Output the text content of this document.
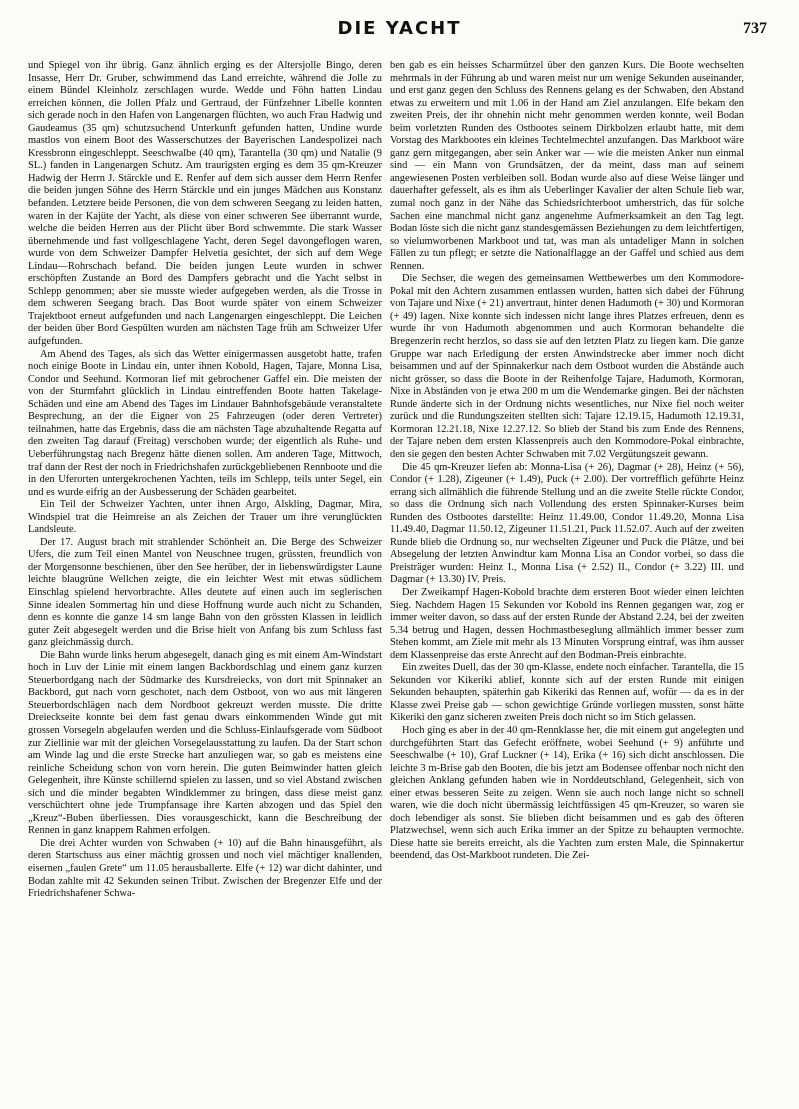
DIE YACHT	737

und Spiegel von ihr übrig. Ganz ähnlich erging es der Altersjolle Bingo, deren Insasse, Herr Dr. Gruber, schwimmend das Land erreichte, während die Jolle zu einem Bündel Kleinholz zerschlagen wurde. Wedde und Föhn hatten Lindau erreichen können, die Jollen Pfalz und Gertraud, der Fünfzehner Libelle konnten sich gerade noch in den Hafen von Langenargen flüchten, wo auch Frau Hadwig und Gaudeamus (35 qm) schutzsuchend Unterkunft gefunden hatten, Undine wurde mastlos von einem Boot des Wasserschutzes der Bayerischen Landespolizei nach Kressbronn eingeschleppt. Seeschwalbe (40 qm), Tarantella (30 qm) und Natalie (9 SL.) fanden in Langenargen Schutz. Am traurigsten erging es dem 35 qm-Kreuzer Hadwig der Herrn J. Stärckle und E. Renfer auf dem sich ausser dem Herrn Renfer die beiden jungen Söhne des Herrn Stärckle und ein junges Mädchen aus Konstanz befanden. Letztere beide Personen, die von dem schweren Seegang zu leiden hatten, waren in der Kajüte der Yacht, als diese von einer schweren See überrannt wurde, welche die beiden Herren aus der Plicht über Bord schwemmte. Die stark Wasser übernehmende und fast vollgeschlagene Yacht, deren Segel davongeflogen waren, wurde von dem Schweizer Dampfer Helvetia gesichtet, der sich auf dem Wege Lindau—Rohrschach befand. Die beiden jungen Leute wurden in schwer erschöpften Zustande an Bord des Dampfers gebracht und die Yacht selbst in Schlepp genommen; aber sie musste wieder aufgegeben werden, als die Trosse in dem schweren Seegang brach. Das Boot wurde später von einem Schweizer Trajektboot erneut aufgefunden und nach Langenargen eingeschleppt. Die Leichen der beiden über Bord Gespülten wurden am nächsten Tage früh am Schweizer Ufer aufgefunden.

Am Abend des Tages, als sich das Wetter einigermassen ausgetobt hatte, trafen noch einige Boote in Lindau ein, unter ihnen Kobold, Hagen, Tajare, Monna Lisa, Condor und Seehund. Kormoran lief mit gebrochener Gaffel ein. Die meisten der von der Sturmfahrt glücklich in Lindau eintreffenden Boote hatten Takelage-Schäden und eine am Abend des Tages im Lindauer Bahnhofsgebäude veranstaltete Besprechung, an der die Eigner von 25 Fahrzeugen (oder deren Vertreter) teilnahmen, hatte das Ergebnis, dass die am nächsten Tage abzuhaltende Regatta auf den zweiten Tag darauf (Freitag) verschoben wurde; der eigentlich als Ruhe- und Ueberführungstag nach Bregenz hätte dienen sollen. Am anderen Tage, Mittwoch, traf dann der Rest der noch in Friedrichshafen zurückgebliebenen Rennboote und die in den Uferorten untergekrochenen Yachten, teils im Schlepp, teils unter Segel, ein und es wurde eifrig an der Ausbesserung der Schäden gearbeitet.

Ein Teil der Schweizer Yachten, unter ihnen Argo, Alskling, Dagmar, Mira, Windspiel trat die Heimreise an als Zeichen der Trauer um ihre verunglückten Landsleute.

Der 17. August brach mit strahlender Schönheit an. Die Berge des Schweizer Ufers, die zum Teil einen Mantel von Neuschnee trugen, grüssten, freundlich von der Morgensonne beschienen, über den See herüber, der in liebenswürdigster Laune leichte blaugrüne Wellchen zeigte, die ein leichter West mit etwas südlichem Einschlag spielend hervorbrachte. Alles deutete auf einen auch im seglerischen Sinne idealen Sommertag hin und diese Hoffnung wurde auch nicht zu Schanden, denn es konnte die ganze 14 sm lange Bahn von den grössten Klassen in leidlich guter Zeit abgesegelt werden und die Brise hielt von Anfang bis zum Schluss fast ganz gleichmässig durch.

Die Bahn wurde links herum abgesegelt, danach ging es mit einem Am-Windstart hoch in Luv der Linie mit einem langen Backbordschlag und einem ganz kurzen Steuerbordgang nach der Südmarke des Kursdreiecks, von dort mit Spinnaker an Backbord, gut nach vorn geschotet, nach dem Ostboot, von wo aus mit längeren Steuerbordschlägen nach dem Nordboot gekreuzt werden musste. Die dritte Dreieckseite konnte bei dem fast genau dwars einkommenden Winde gut mit grossen Vorsegeln abgelaufen werden und die Schluss-Einlaufsgerade vom Südboot zur Ziellinie war mit der gleichen Vorsegelausstattung zu laufen. Da der Start schon am Winde lag und die erste Strecke hart anzuliegen war, so gab es meistens eine reinliche Scheidung schon von vorn herein. Die guten Beimwinder hatten gleich Gelegenheit, ihre Künste schillernd spielen zu lassen, und so viel Abstand zwischen sich und die minder begabten Windklemmer zu bringen, dass diese meist ganz verschüchtert ohne jede Trumpfansage ihre Karten abzogen und das Spiel den „Kreuz“-Buben überliessen. Dies vorausgeschickt, kann die Beschreibung der Rennen in ganz knappem Rahmen erfolgen.

Die drei Achter wurden von Schwaben (+ 10) auf die Bahn hinausgeführt, als deren Startschuss aus einer mächtig grossen und noch viel mächtiger knallenden, eisernen „faulen Grete“ um 11.05 herausballerte. Elfe (+ 12) war dicht dahinter, und Bodan zahlte mit 42 Sekunden seinen Tribut. Zwischen der Bregenzer Elfe und der Friedrichshafener Schwa-

ben gab es ein heisses Scharmützel über den ganzen Kurs. Die Boote wechselten mehrmals in der Führung ab und waren meist nur um wenige Sekunden auseinander, und erst ganz gegen den Schluss des Rennens gelang es der Schwaben, den Abstand etwas zu erweitern und mit 1.06 in der Hand am Ziel anzulangen. Elfe bekam den zweiten Preis, der ihr ohnehin nicht mehr genommen werden konnte, weil Bodan beim vorletzten Runden des Ostbootes seinem Dirkbolzen erlaubt hatte, mit dem Vorstag des Markbootes ein kleines Techtelmechtel anzufangen. Das Markboot wäre ganz gern mitgegangen, aber sein Anker war — wie die meisten Anker nun einmal sind — ein Mann von Grundsätzen, der da meint, dass man auf seinem angewiesenen Posten verbleiben soll. Bodan wurde also auf diese Weise länger und dauerhafter gefesselt, als es ihm als Ueberlinger Kavalier der alten Schule lieb war, zumal noch ganz in der Nähe das Schiedsrichterboot umherstrich, das für solche Sachen eine manchmal nicht ganz angenehme Aufmerksamkeit an den Tag legt. Bodan löste sich die nicht ganz standesgemässen Beziehungen zu dem leichtfertigen, so vielumworbenen Markboot und tat, was man als untadeliger Mann in solchen Fällen zu tun pflegt; er setzte die Nationalflagge an der Gaffel und schied aus dem Rennen.

Die Sechser, die wegen des gemeinsamen Wettbewerbes um den Kommodore-Pokal mit den Achtern zusammen entlassen wurden, hatten sich dabei der Führung von Tajare und Nixe (+ 21) anvertraut, hinter denen Hadumoth (+ 30) und Kormoran (+ 49) lagen. Nixe konnte sich indessen nicht lange ihres Platzes erfreuen, denn es wurde ihr von Hadumoth abgenommen und auch Kormoran behandelte die Bregenzerin recht herzlos, so dass sie auf den letzten Platz zu liegen kam. Die ganze Gruppe war nach Erledigung der ersten Anwindstrecke aber immer noch dicht beisammen und auf der Spinnakerkur nach dem Ostboot wurden die Abstände auch nicht grösser, so dass die Boote in der Reihenfolge Tajare, Hadumoth, Kormoran, Nixe in Abständen von je etwa 200 m um die Wendemarke gingen. Bei der nächsten Runde änderte sich in der Ordnung nichts wesentliches, nur Nixe fiel noch weiter zurück und die Rundungszeiten stellten sich: Tajare 12.19.15, Hadumoth 12.19.31, Kormoran 12.21.18, Nixe 12.27.12. So blieb der Stand bis zum Ende des Rennens, der Tajare neben dem ersten Klassenpreis auch den Kommodore-Pokal einbrachte, den sie gegen den besten Achter Schwaben mit 7.02 Vergütungszeit gewann.

Die 45 qm-Kreuzer liefen ab: Monna-Lisa (+ 26), Dagmar (+ 28), Heinz (+ 56), Condor (+ 1.28), Zigeuner (+ 1.49), Puck (+ 2.00). Der vortrefflich geführte Heinz errang sich allmählich die führende Stellung und an die zweite Stelle rückte Condor, so dass die Ordnung sich nach Vollendung des ersten Spinnaker-Kurses beim Runden des Ostbootes darstellte: Heinz 11.49.00, Condor 11.49.20, Monna Lisa 11.49.40, Dagmar 11.50.12, Zigeuner 11.51.21, Puck 11.52.07. Auch auf der zweiten Runde blieb die Ordnung so, nur wechselten Zigeuner und Puck die Plätze, und bei Absegelung der letzten Anwindtur kam Monna Lisa an Condor vorbei, so dass die Preisträger wurden: Heinz I., Monna Lisa (+ 2.52) II., Condor (+ 3.22) III. und Dagmar (+ 13.30) IV. Preis.

Der Zweikampf Hagen-Kobold brachte dem ersteren Boot wieder einen leichten Sieg. Nachdem Hagen 15 Sekunden vor Kobold ins Rennen gegangen war, zog er immer weiter davon, so dass auf der ersten Runde der Abstand 2.24, bei der zweiten 5.34 betrug und Hagen, dessen Hochmastbeseglung allmählich immer besser zum Stehen kommt, am Ziele mit mehr als 13 Minuten Vorsprung eintraf, was ihm ausser dem Klassenpreise das erste Anrecht auf den Bodman-Preis einbrachte.

Ein zweites Duell, das der 30 qm-Klasse, endete noch einfacher. Tarantella, die 15 Sekunden vor Kikeriki ablief, konnte sich auf der ersten Runde mit einigen Sekunden behaupten, späterhin gab Kikeriki das Rennen auf, wofür — da es in der Klasse zwei Preise gab — schon gewichtige Gründe vorliegen mussten, sonst hätte Kikeriki den ganz sicheren zweiten Preis doch nicht so im Stich gelassen.

Hoch ging es aber in der 40 qm-Rennklasse her, die mit einem gut angelegten und durchgeführten Start das Gefecht eröffnete, wobei Seehund (+ 9) anführte und Seeschwalbe (+ 10), Graf Luckner (+ 14), Erika (+ 16) sich dicht anschlossen. Die leichte 3 m-Brise gab den Booten, die bis jetzt am Bodensee offenbar noch nicht den gleichen Anklang gefunden haben wie in Norddeutschland, Gelegenheit, sich von einer etwas besseren Seite zu zeigen. Wenn sie auch noch lange nicht so schnell waren, wie die doch nicht übermässig leichtfüssigen 45 qm-Kreuzer, so waren sie doch lebendiger als sonst. Sie blieben dicht beisammen und es gab des öfteren Platzwechsel, wenn sich auch Erika immer an der Spitze zu behaupten vermochte. Diese hatte sie bereits erreicht, als die Yachten zum ersten Male, die Spinnakertur beendend, das Ost-Markboot rundeten. Die Zei-
